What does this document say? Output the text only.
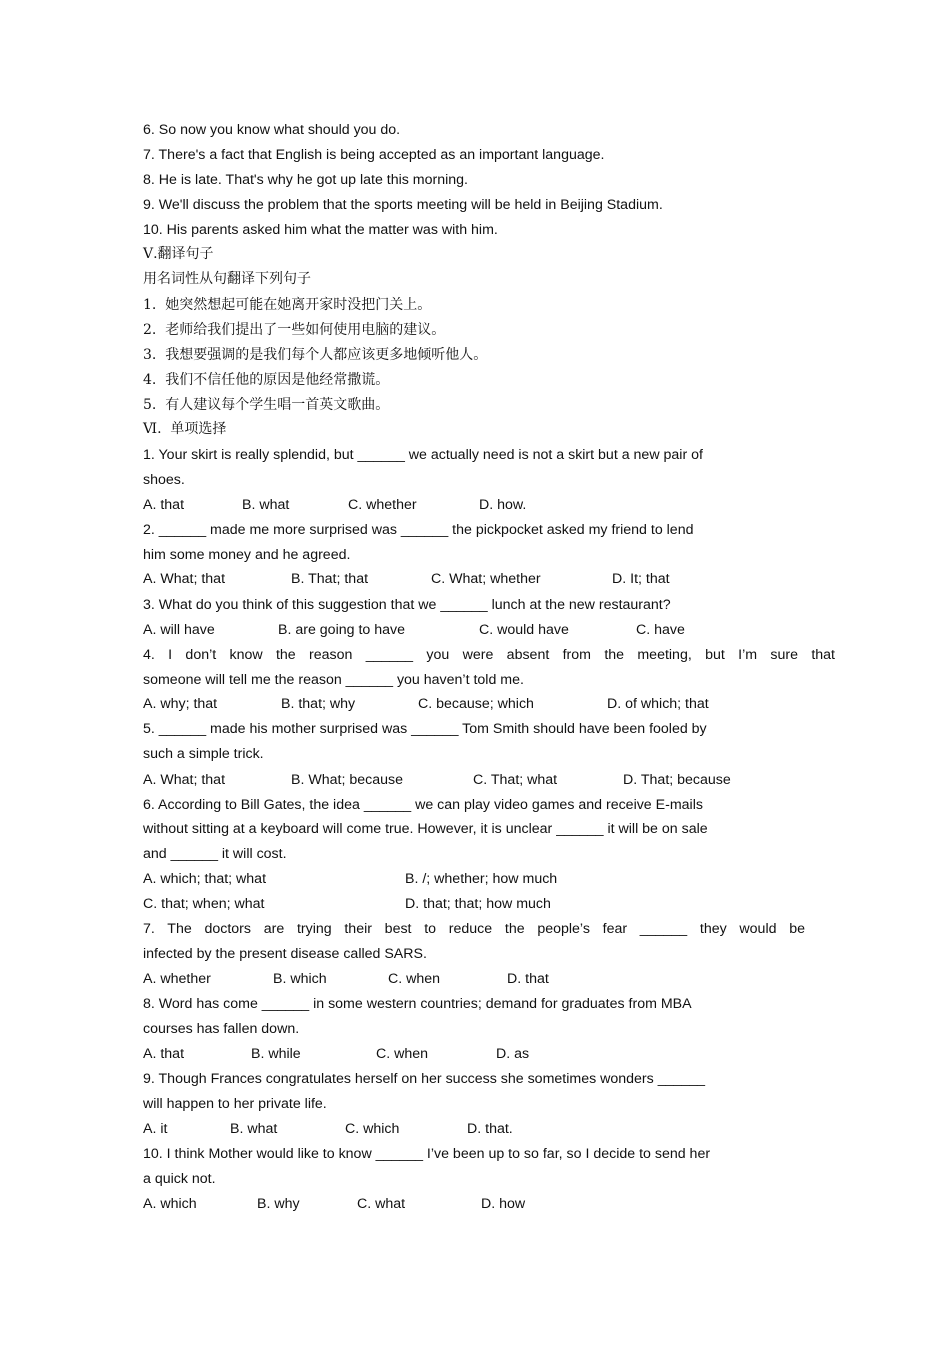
6. So now you know what should you do.
7. There's a fact that English is being accepted as an important language.
8. He is late. That's why he got up late this morning.
9. We'll discuss the problem that the sports meeting will be held in Beijing Stadium.
10. His parents asked him what the matter was with him.
Ⅴ.翻译句子
用名词性从句翻译下列句子
1.  她突然想起可能在她离开家时没把门关上。
2.  老师给我们提出了一些如何使用电脑的建议。
3.  我想要强调的是我们每个人都应该更多地倾听他人。
4.  我们不信任他的原因是他经常撒谎。
5.  有人建议每个学生唱一首英文歌曲。
Ⅵ.  单项选择
1. Your skirt is really splendid, but ______ we actually need is not a skirt but a new pair of
shoes.
A. that	B. what	C. whether	D. how.
2. ______ made me more surprised was ______ the pickpocket asked my friend to lend
him some money and he agreed.
A. What; that	B. That; that	C. What; whether	D. It; that
3. What do you think of this suggestion that we ______ lunch at the new restaurant?
A. will have	B. are going to have	C. would have	C. have
4. I don’t know the reason ______ you were absent from the meeting, but I’m sure that
someone will tell me the reason ______ you haven’t told me.
A. why; that	B. that; why	C. because; which	D. of which; that
5. ______ made his mother surprised was ______ Tom Smith should have been fooled by
such a simple trick.
A. What; that	B. What; because	C. That; what	D. That; because
6. According to Bill Gates, the idea ______ we can play video games and receive E-mails
without sitting at a keyboard will come true. However, it is unclear ______ it will be on sale
and ______ it will cost.
A. which; that; what	B. /; whether; how much
C. that; when; what	D. that; that; how much
7. The doctors are trying their best to reduce the people’s fear ______ they would be
infected by the present disease called SARS.
A. whether	B. which	C. when	D. that
8. Word has come ______ in some western countries; demand for graduates from MBA
courses has fallen down.
A. that	B. while	C. when	D. as
9. Though Frances congratulates herself on her success she sometimes wonders ______
will happen to her private life.
A. it	B. what	C. which	D. that.
10. I think Mother would like to know ______ I’ve been up to so far, so I decide to send her
a quick not.
A. which	B. why	C. what	D. how
